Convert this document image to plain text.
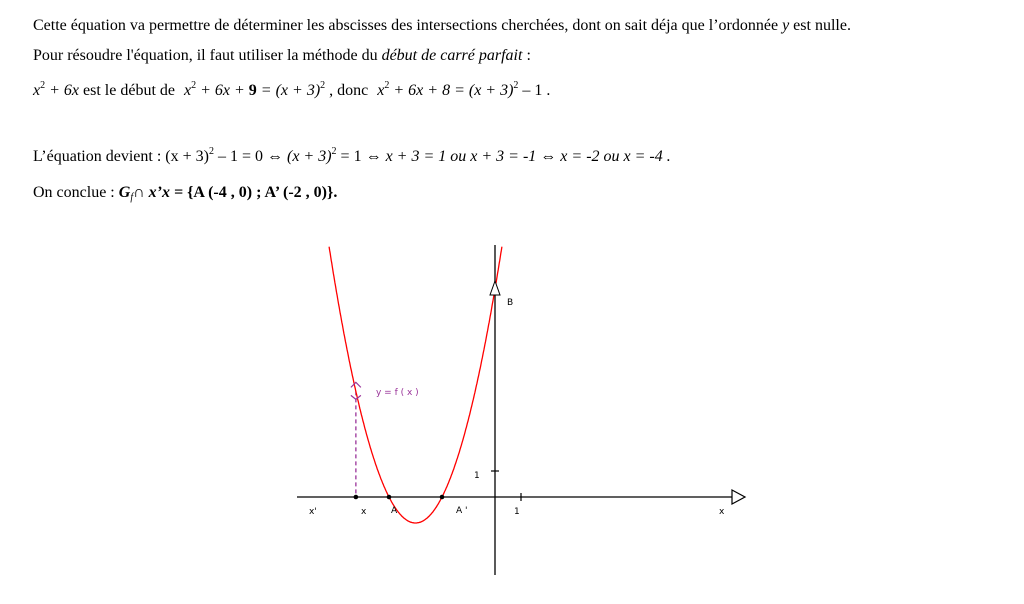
Cette équation va permettre de déterminer les abscisses des intersections cherchées, dont on sait déja que l’ordonnée y est nulle.
Pour résoudre l'équation, il faut utiliser la méthode du début de carré parfait :
$x^2 + 6x$ est le début de $x^2 + 6x + 9 = (x + 3)^2$ , donc $x^2 + 6x + 8 = (x + 3)^2 - 1$ .
L’équation devient : $(x + 3)^2 - 1 = 0$ ⇔ $(x + 3)^2 = 1$ ⇔ x + 3 = 1 ou x + 3 = -1 ⇔ x = -2 ou x = -4 .
On conclue : $G_f\cap$ x’x = {A (-4 , 0) ; A’ (-2 , 0)}.
x'	x	A	A '	1	x
1
B
y = f ( x )
